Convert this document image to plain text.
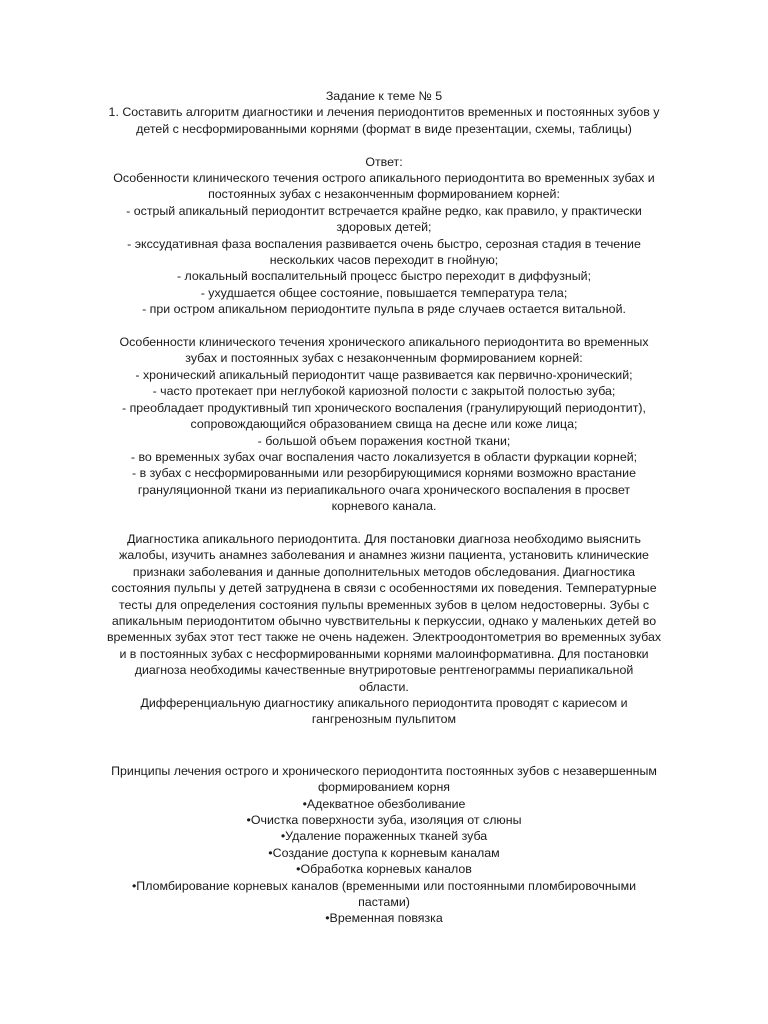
Задание к теме № 5
1. Составить алгоритм диагностики и лечения периодонтитов временных и постоянных зубов у
детей с несформированными корнями (формат в виде презентации, схемы, таблицы)
Ответ:
Особенности клинического течения острого апикального периодонтита во временных зубах и
постоянных зубах с незаконченным формированием корней:
- острый апикальный периодонтит встречается крайне редко, как правило, у практически
здоровых детей;
- экссудативная фаза воспаления развивается очень быстро, серозная стадия в течение
нескольких часов переходит в гнойную;
- локальный воспалительный процесс быстро переходит в диффузный;
- ухудшается общее состояние, повышается температура тела;
- при остром апикальном периодонтите пульпа в ряде случаев остается витальной.
Особенности клинического течения хронического апикального периодонтита во временных
зубах и постоянных зубах с незаконченным формированием корней:
- хронический апикальный периодонтит чаще развивается как первично-хронический;
- часто протекает при неглубокой кариозной полости с закрытой полостью зуба;
- преобладает продуктивный тип хронического воспаления (гранулирующий периодонтит),
сопровождающийся образованием свища на десне или коже лица;
- большой объем поражения костной ткани;
- во временных зубах очаг воспаления часто локализуется в области фуркации корней;
- в зубах с несформированными или резорбирующимися корнями возможно врастание
грануляционной ткани из периапикального очага хронического воспаления в просвет
корневого канала.
Диагностика апикального периодонтита. Для постановки диагноза необходимо выяснить
жалобы, изучить анамнез заболевания и анамнез жизни пациента, установить клинические
признаки заболевания и данные дополнительных методов обследования. Диагностика
состояния пульпы у детей затруднена в связи с особенностями их поведения. Температурные
тесты для определения состояния пульпы временных зубов в целом недостоверны. Зубы с
апикальным периодонтитом обычно чувствительны к перкуссии, однако у маленьких детей во
временных зубах этот тест также не очень надежен. Электроодонтометрия во временных зубах
и в постоянных зубах с несформированными корнями малоинформативна. Для постановки
диагноза необходимы качественные внутриротовые рентгенограммы периапикальной
области.
Дифференциальную диагностику апикального периодонтита проводят с кариесом и
гангренозным пульпитом
Принципы лечения острого и хронического периодонтита постоянных зубов с незавершенным
формированием корня
•Адекватное обезболивание
•Очистка поверхности зуба, изоляция от слюны
•Удаление пораженных тканей зуба
•Создание доступа к корневым каналам
•Обработка корневых каналов
•Пломбирование корневых каналов (временными или постоянными пломбировочными
пастами)
•Временная повязка
